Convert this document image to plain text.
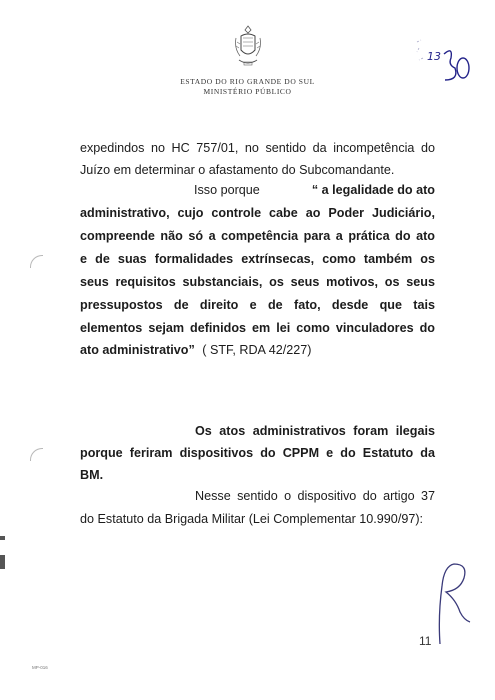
ESTADO DO RIO GRANDE DO SUL
MINISTÉRIO PÚBLICO
13
expedindos no HC 757/01, no sentido da incompetência do
Juízo em determinar o afastamento do Subcomandante.
Isso porque	“ a legalidade do ato
administrativo, cujo controle cabe ao Poder Judiciário,
compreende não só a competência para a prática do ato
e de suas formalidades extrínsecas, como também os
seus requisitos substanciais, os seus motivos, os seus
pressupostos de direito e de fato, desde que tais
elementos sejam definidos em lei como vinculadores do
ato administrativo” ( STF, RDA 42/227)
Os atos administrativos foram ilegais
porque feriram dispositivos do CPPM e do Estatuto da
BM.
Nesse sentido o dispositivo do artigo 37
do Estatuto da Brigada Militar (Lei Complementar 10.990/97):
11
MP-016
